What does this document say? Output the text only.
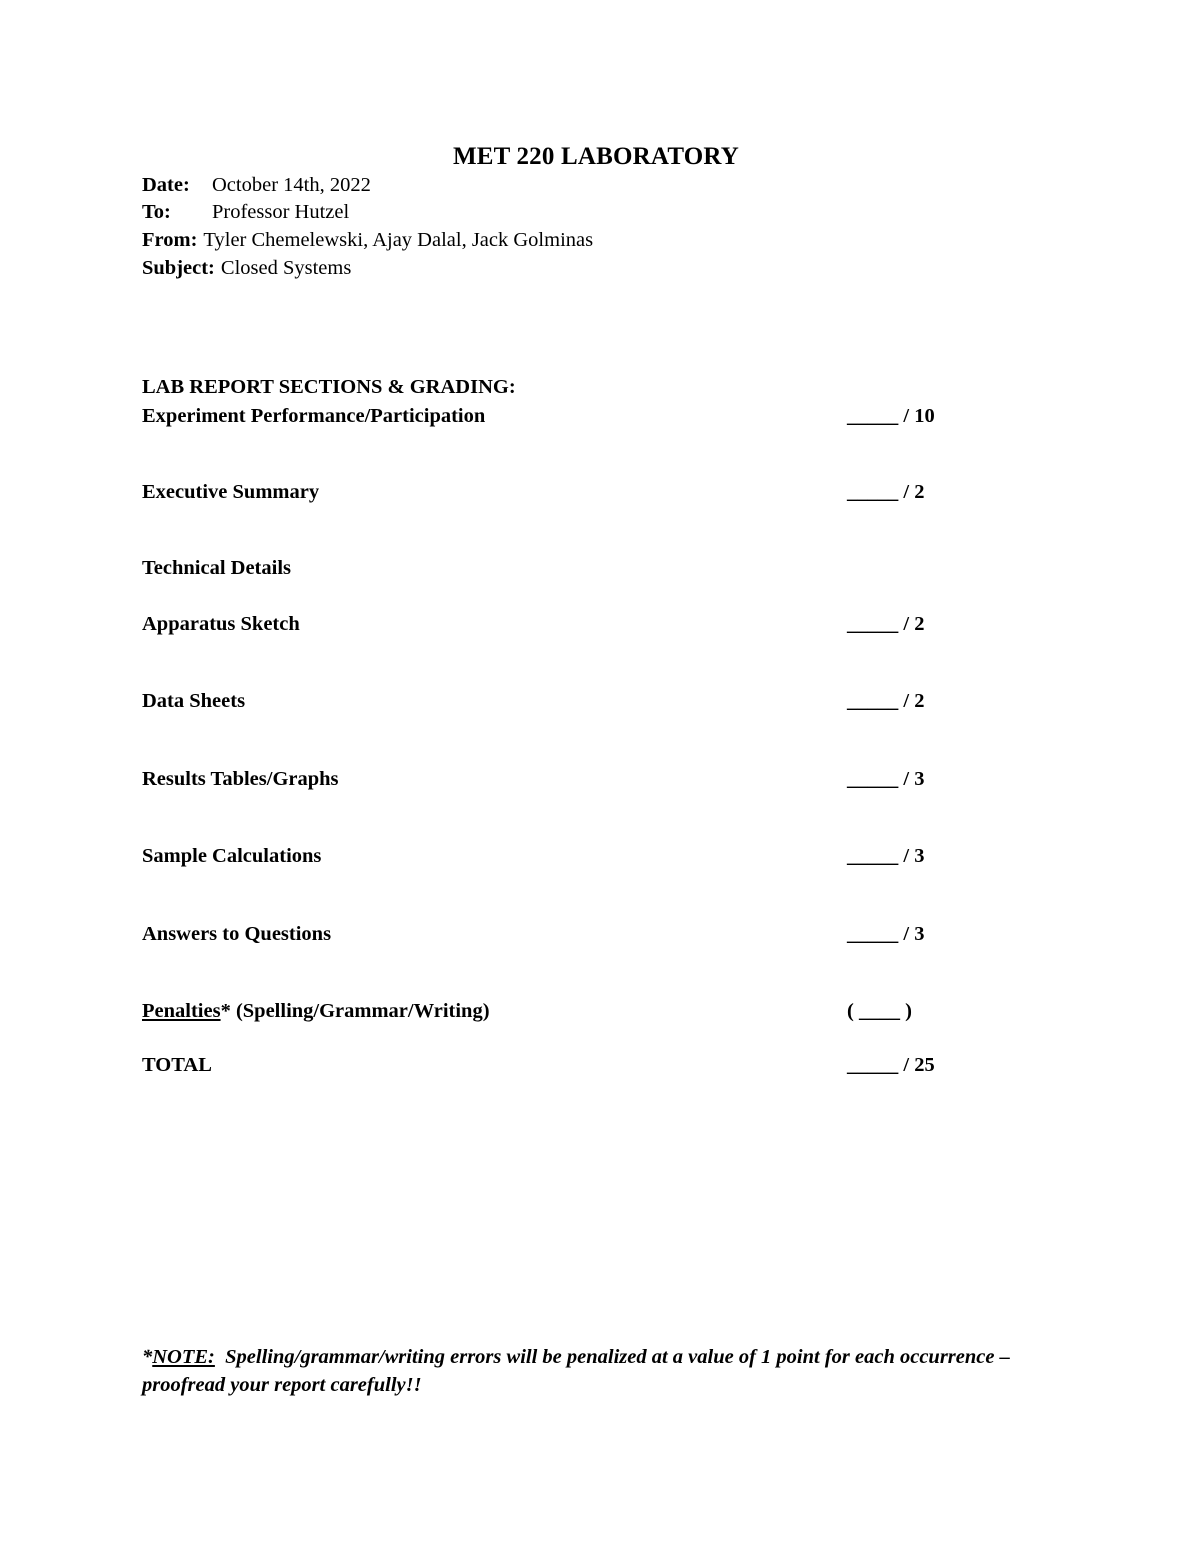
MET 220 LABORATORY
Date: October 14th, 2022
To: Professor Hutzel
From: Tyler Chemelewski, Ajay Dalal, Jack Golminas
Subject: Closed Systems
LAB REPORT SECTIONS & GRADING:
Experiment Performance/Participation	_____ / 10
Executive Summary	_____ / 2
Technical Details
Apparatus Sketch	_____ / 2
Data Sheets	_____ / 2
Results Tables/Graphs	_____ / 3
Sample Calculations	_____ / 3
Answers to Questions	_____ / 3
Penalties* (Spelling/Grammar/Writing)	( ____ )
TOTAL	_____ / 25
*NOTE:  Spelling/grammar/writing errors will be penalized at a value of 1 point for each occurrence – proofread your report carefully!!
